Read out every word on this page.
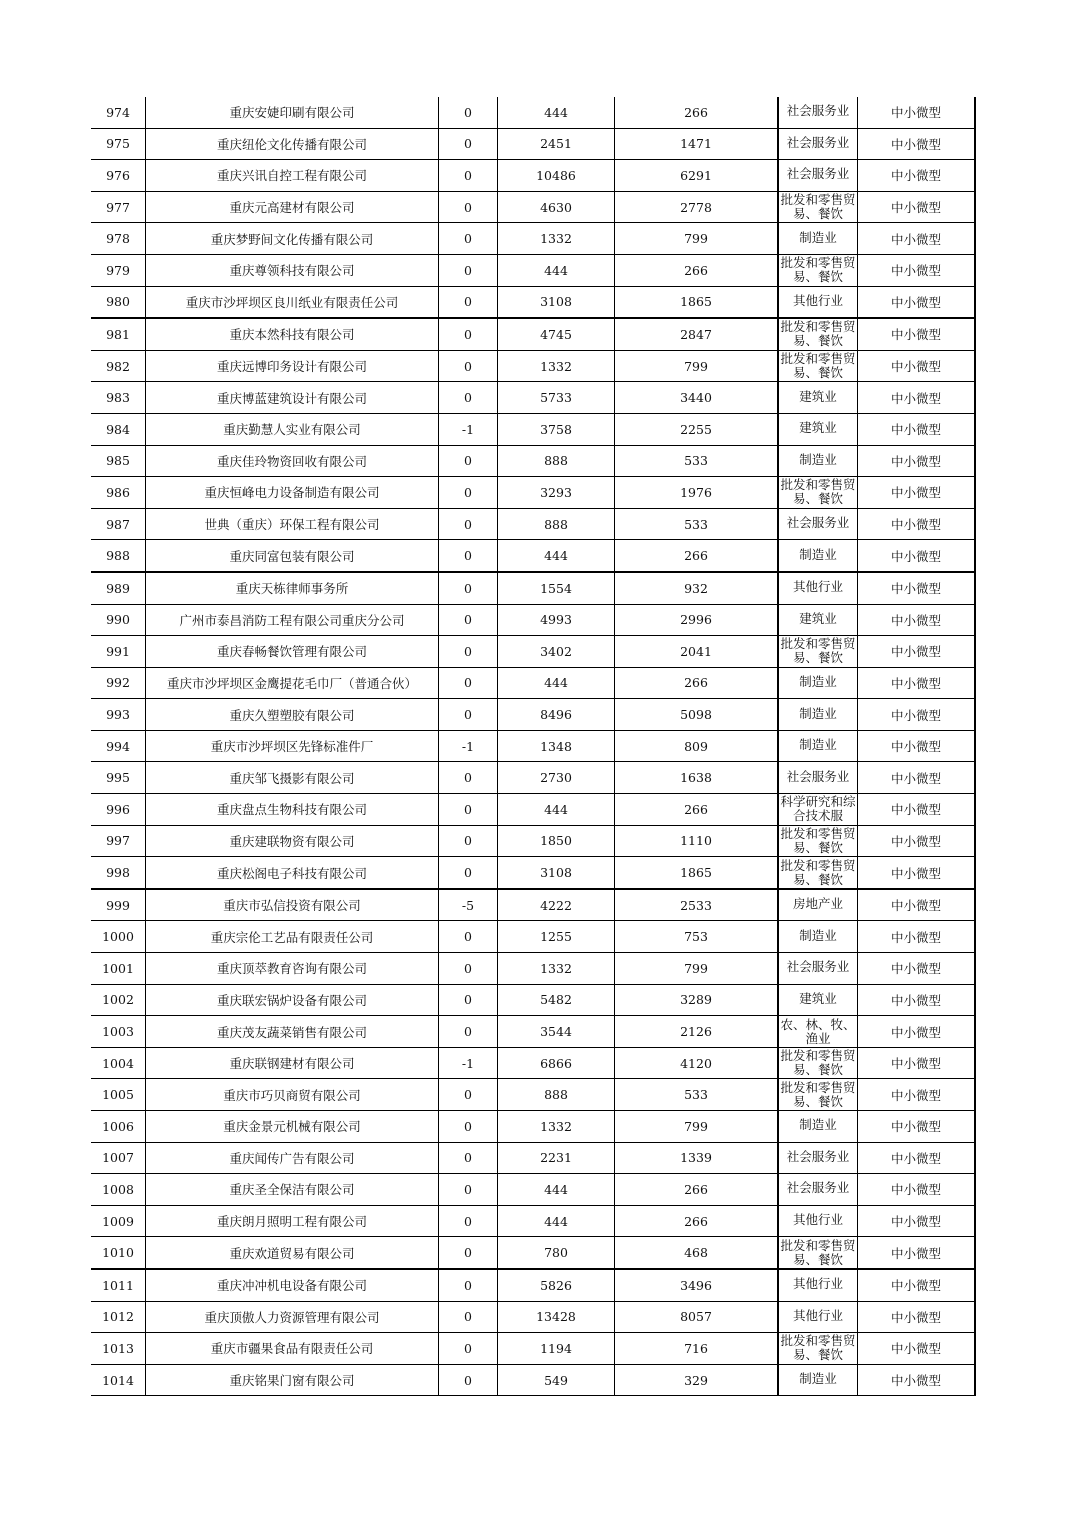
974	重庆安婕印刷有限公司	0	444	266	社会服务业	中小微型
975	重庆纽伦文化传播有限公司	0	2451	1471	社会服务业	中小微型
976	重庆兴讯自控工程有限公司	0	10486	6291	社会服务业	中小微型
977	重庆元高建材有限公司	0	4630	2778	批发和零售贸易、餐饮	中小微型
978	重庆梦野间文化传播有限公司	0	1332	799	制造业	中小微型
979	重庆尊领科技有限公司	0	444	266	批发和零售贸易、餐饮	中小微型
980	重庆市沙坪坝区良川纸业有限责任公司	0	3108	1865	其他行业	中小微型
981	重庆本然科技有限公司	0	4745	2847	批发和零售贸易、餐饮	中小微型
982	重庆远博印务设计有限公司	0	1332	799	批发和零售贸易、餐饮	中小微型
983	重庆博蓝建筑设计有限公司	0	5733	3440	建筑业	中小微型
984	重庆勤慧人实业有限公司	-1	3758	2255	建筑业	中小微型
985	重庆佳玲物资回收有限公司	0	888	533	制造业	中小微型
986	重庆恒峰电力设备制造有限公司	0	3293	1976	批发和零售贸易、餐饮	中小微型
987	世典（重庆）环保工程有限公司	0	888	533	社会服务业	中小微型
988	重庆同富包装有限公司	0	444	266	制造业	中小微型
989	重庆天栋律师事务所	0	1554	932	其他行业	中小微型
990	广州市泰昌消防工程有限公司重庆分公司	0	4993	2996	建筑业	中小微型
991	重庆春畅餐饮管理有限公司	0	3402	2041	批发和零售贸易、餐饮	中小微型
992	重庆市沙坪坝区金鹰提花毛巾厂（普通合伙）	0	444	266	制造业	中小微型
993	重庆久塑塑胶有限公司	0	8496	5098	制造业	中小微型
994	重庆市沙坪坝区先锋标准件厂	-1	1348	809	制造业	中小微型
995	重庆邹飞摄影有限公司	0	2730	1638	社会服务业	中小微型
996	重庆盘点生物科技有限公司	0	444	266	科学研究和综合技术服	中小微型
997	重庆建联物资有限公司	0	1850	1110	批发和零售贸易、餐饮	中小微型
998	重庆松阁电子科技有限公司	0	3108	1865	批发和零售贸易、餐饮	中小微型
999	重庆市弘信投资有限公司	-5	4222	2533	房地产业	中小微型
1000	重庆宗伦工艺品有限责任公司	0	1255	753	制造业	中小微型
1001	重庆顶萃教育咨询有限公司	0	1332	799	社会服务业	中小微型
1002	重庆联宏锅炉设备有限公司	0	5482	3289	建筑业	中小微型
1003	重庆茂友蔬菜销售有限公司	0	3544	2126	农、林、牧、渔业	中小微型
1004	重庆联钢建材有限公司	-1	6866	4120	批发和零售贸易、餐饮	中小微型
1005	重庆市巧贝商贸有限公司	0	888	533	批发和零售贸易、餐饮	中小微型
1006	重庆金景元机械有限公司	0	1332	799	制造业	中小微型
1007	重庆闻传广告有限公司	0	2231	1339	社会服务业	中小微型
1008	重庆圣全保洁有限公司	0	444	266	社会服务业	中小微型
1009	重庆朗月照明工程有限公司	0	444	266	其他行业	中小微型
1010	重庆欢道贸易有限公司	0	780	468	批发和零售贸易、餐饮	中小微型
1011	重庆冲冲机电设备有限公司	0	5826	3496	其他行业	中小微型
1012	重庆顶傲人力资源管理有限公司	0	13428	8057	其他行业	中小微型
1013	重庆市疆果食品有限责任公司	0	1194	716	批发和零售贸易、餐饮	中小微型
1014	重庆铭果门窗有限公司	0	549	329	制造业	中小微型
